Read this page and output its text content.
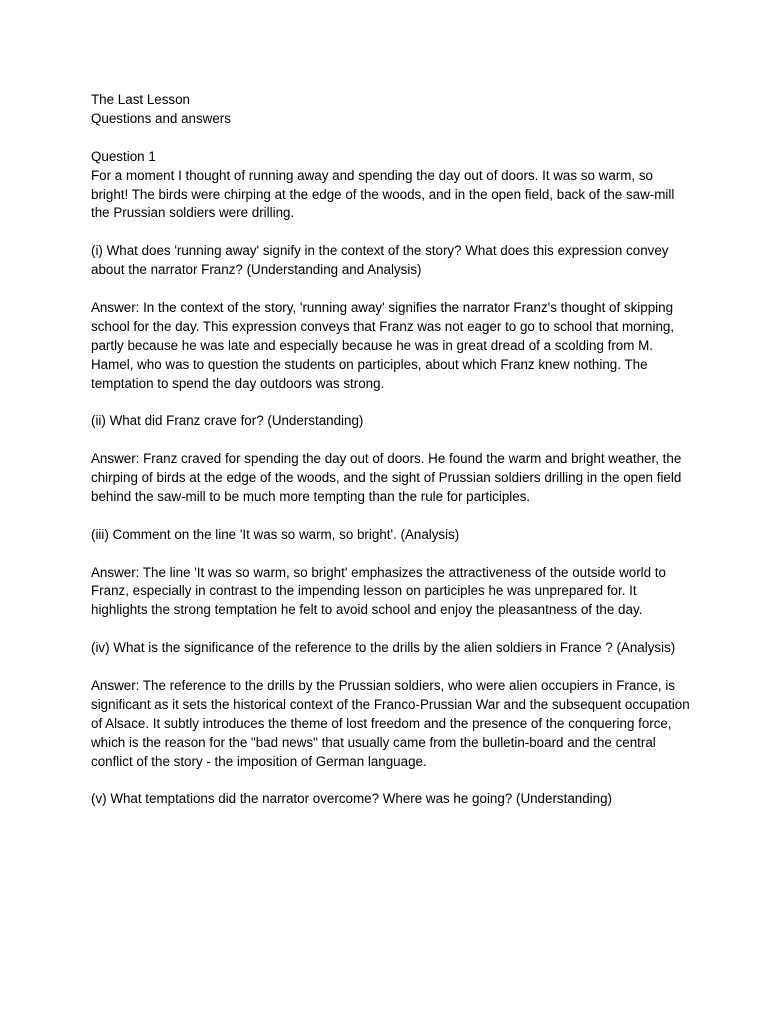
The Last Lesson

Questions and answers

Question 1

For a moment I thought of running away and spending the day out of doors. It was so warm, so bright! The birds were chirping at the edge of the woods, and in the open field, back of the saw-mill the Prussian soldiers were drilling.

(i) What does 'running away' signify in the context of the story? What does this expression convey about the narrator Franz? (Understanding and Analysis)

Answer: In the context of the story, 'running away' signifies the narrator Franz's thought of skipping school for the day. This expression conveys that Franz was not eager to go to school that morning, partly because he was late and especially because he was in great dread of a scolding from M. Hamel, who was to question the students on participles, about which Franz knew nothing. The temptation to spend the day outdoors was strong.

(ii) What did Franz crave for? (Understanding)

Answer: Franz craved for spending the day out of doors. He found the warm and bright weather, the chirping of birds at the edge of the woods, and the sight of Prussian soldiers drilling in the open field behind the saw-mill to be much more tempting than the rule for participles.

(iii) Comment on the line 'It was so warm, so bright'. (Analysis)

Answer: The line 'It was so warm, so bright' emphasizes the attractiveness of the outside world to Franz, especially in contrast to the impending lesson on participles he was unprepared for. It highlights the strong temptation he felt to avoid school and enjoy the pleasantness of the day.

(iv) What is the significance of the reference to the drills by the alien soldiers in France ? (Analysis)

Answer: The reference to the drills by the Prussian soldiers, who were alien occupiers in France, is significant as it sets the historical context of the Franco-Prussian War and the subsequent occupation of Alsace. It subtly introduces the theme of lost freedom and the presence of the conquering force, which is the reason for the "bad news" that usually came from the bulletin-board and the central conflict of the story - the imposition of German language.

(v) What temptations did the narrator overcome? Where was he going? (Understanding)
